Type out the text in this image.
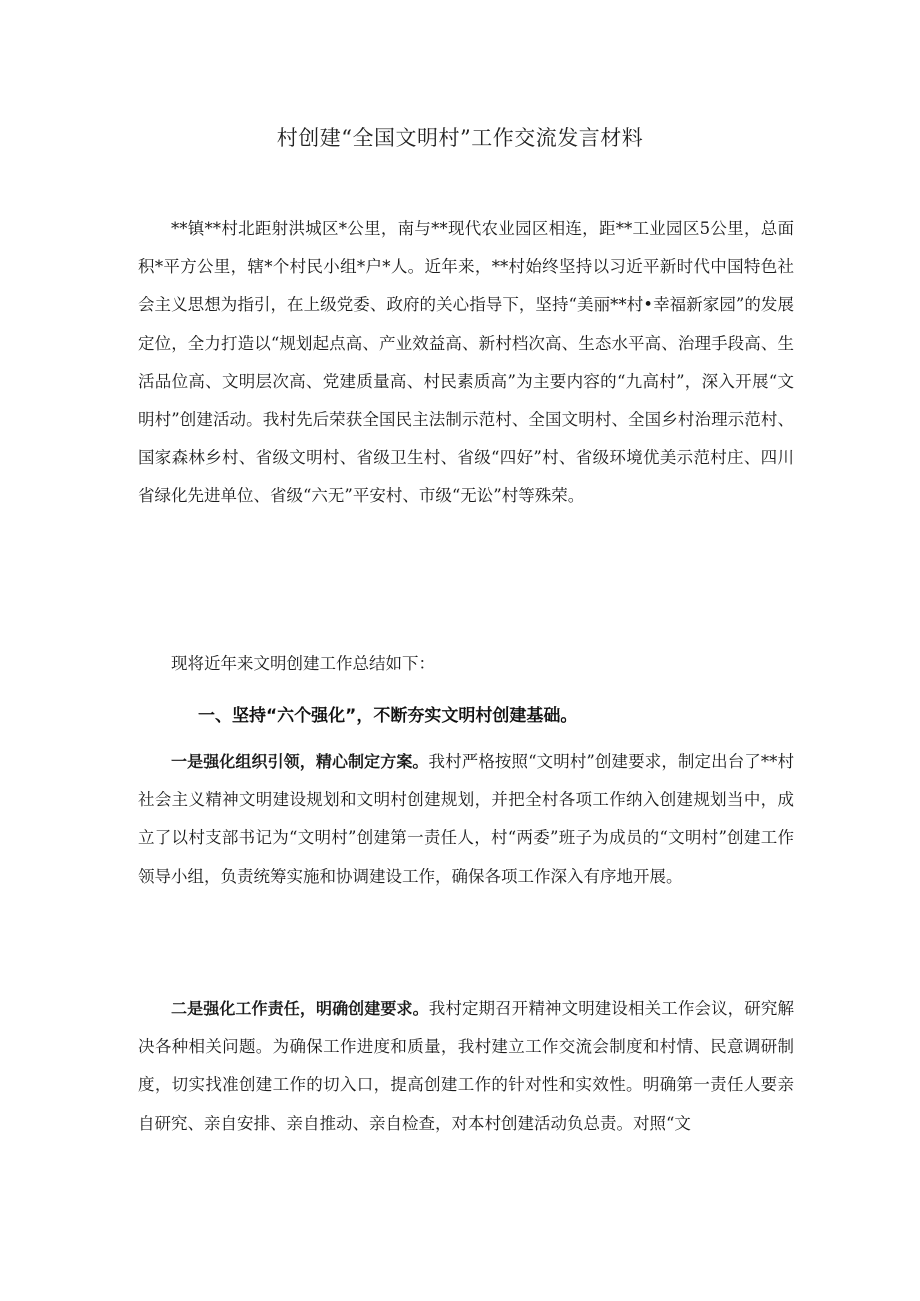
村创建“全国文明村”工作交流发言材料

**镇**村北距射洪城区*公里，南与**现代农业园区相连，距**工业园区5公里，总面积*平方公里，辖*个村民小组*户*人。近年来，**村始终坚持以习近平新时代中国特色社会主义思想为指引，在上级党委、政府的关心指导下，坚持“美丽**村•幸福新家园”的发展定位，全力打造以“规划起点高、产业效益高、新村档次高、生态水平高、治理手段高、生活品位高、文明层次高、党建质量高、村民素质高”为主要内容的“九高村”，深入开展“文明村”创建活动。我村先后荣获全国民主法制示范村、全国文明村、全国乡村治理示范村、国家森林乡村、省级文明村、省级卫生村、省级“四好”村、省级环境优美示范村庄、四川省绿化先进单位、省级“六无”平安村、市级“无讼”村等殊荣。

现将近年来文明创建工作总结如下：

一、坚持“六个强化”，不断夯实文明村创建基础。

一是强化组织引领，精心制定方案。我村严格按照“文明村”创建要求，制定出台了**村社会主义精神文明建设规划和文明村创建规划，并把全村各项工作纳入创建规划当中，成立了以村支部书记为“文明村”创建第一责任人，村“两委”班子为成员的“文明村”创建工作领导小组，负责统筹实施和协调建设工作，确保各项工作深入有序地开展。

二是强化工作责任，明确创建要求。我村定期召开精神文明建设相关工作会议，研究解决各种相关问题。为确保工作进度和质量，我村建立工作交流会制度和村情、民意调研制度，切实找准创建工作的切入口，提高创建工作的针对性和实效性。明确第一责任人要亲自研究、亲自安排、亲自推动、亲自检查，对本村创建活动负总责。对照“文
